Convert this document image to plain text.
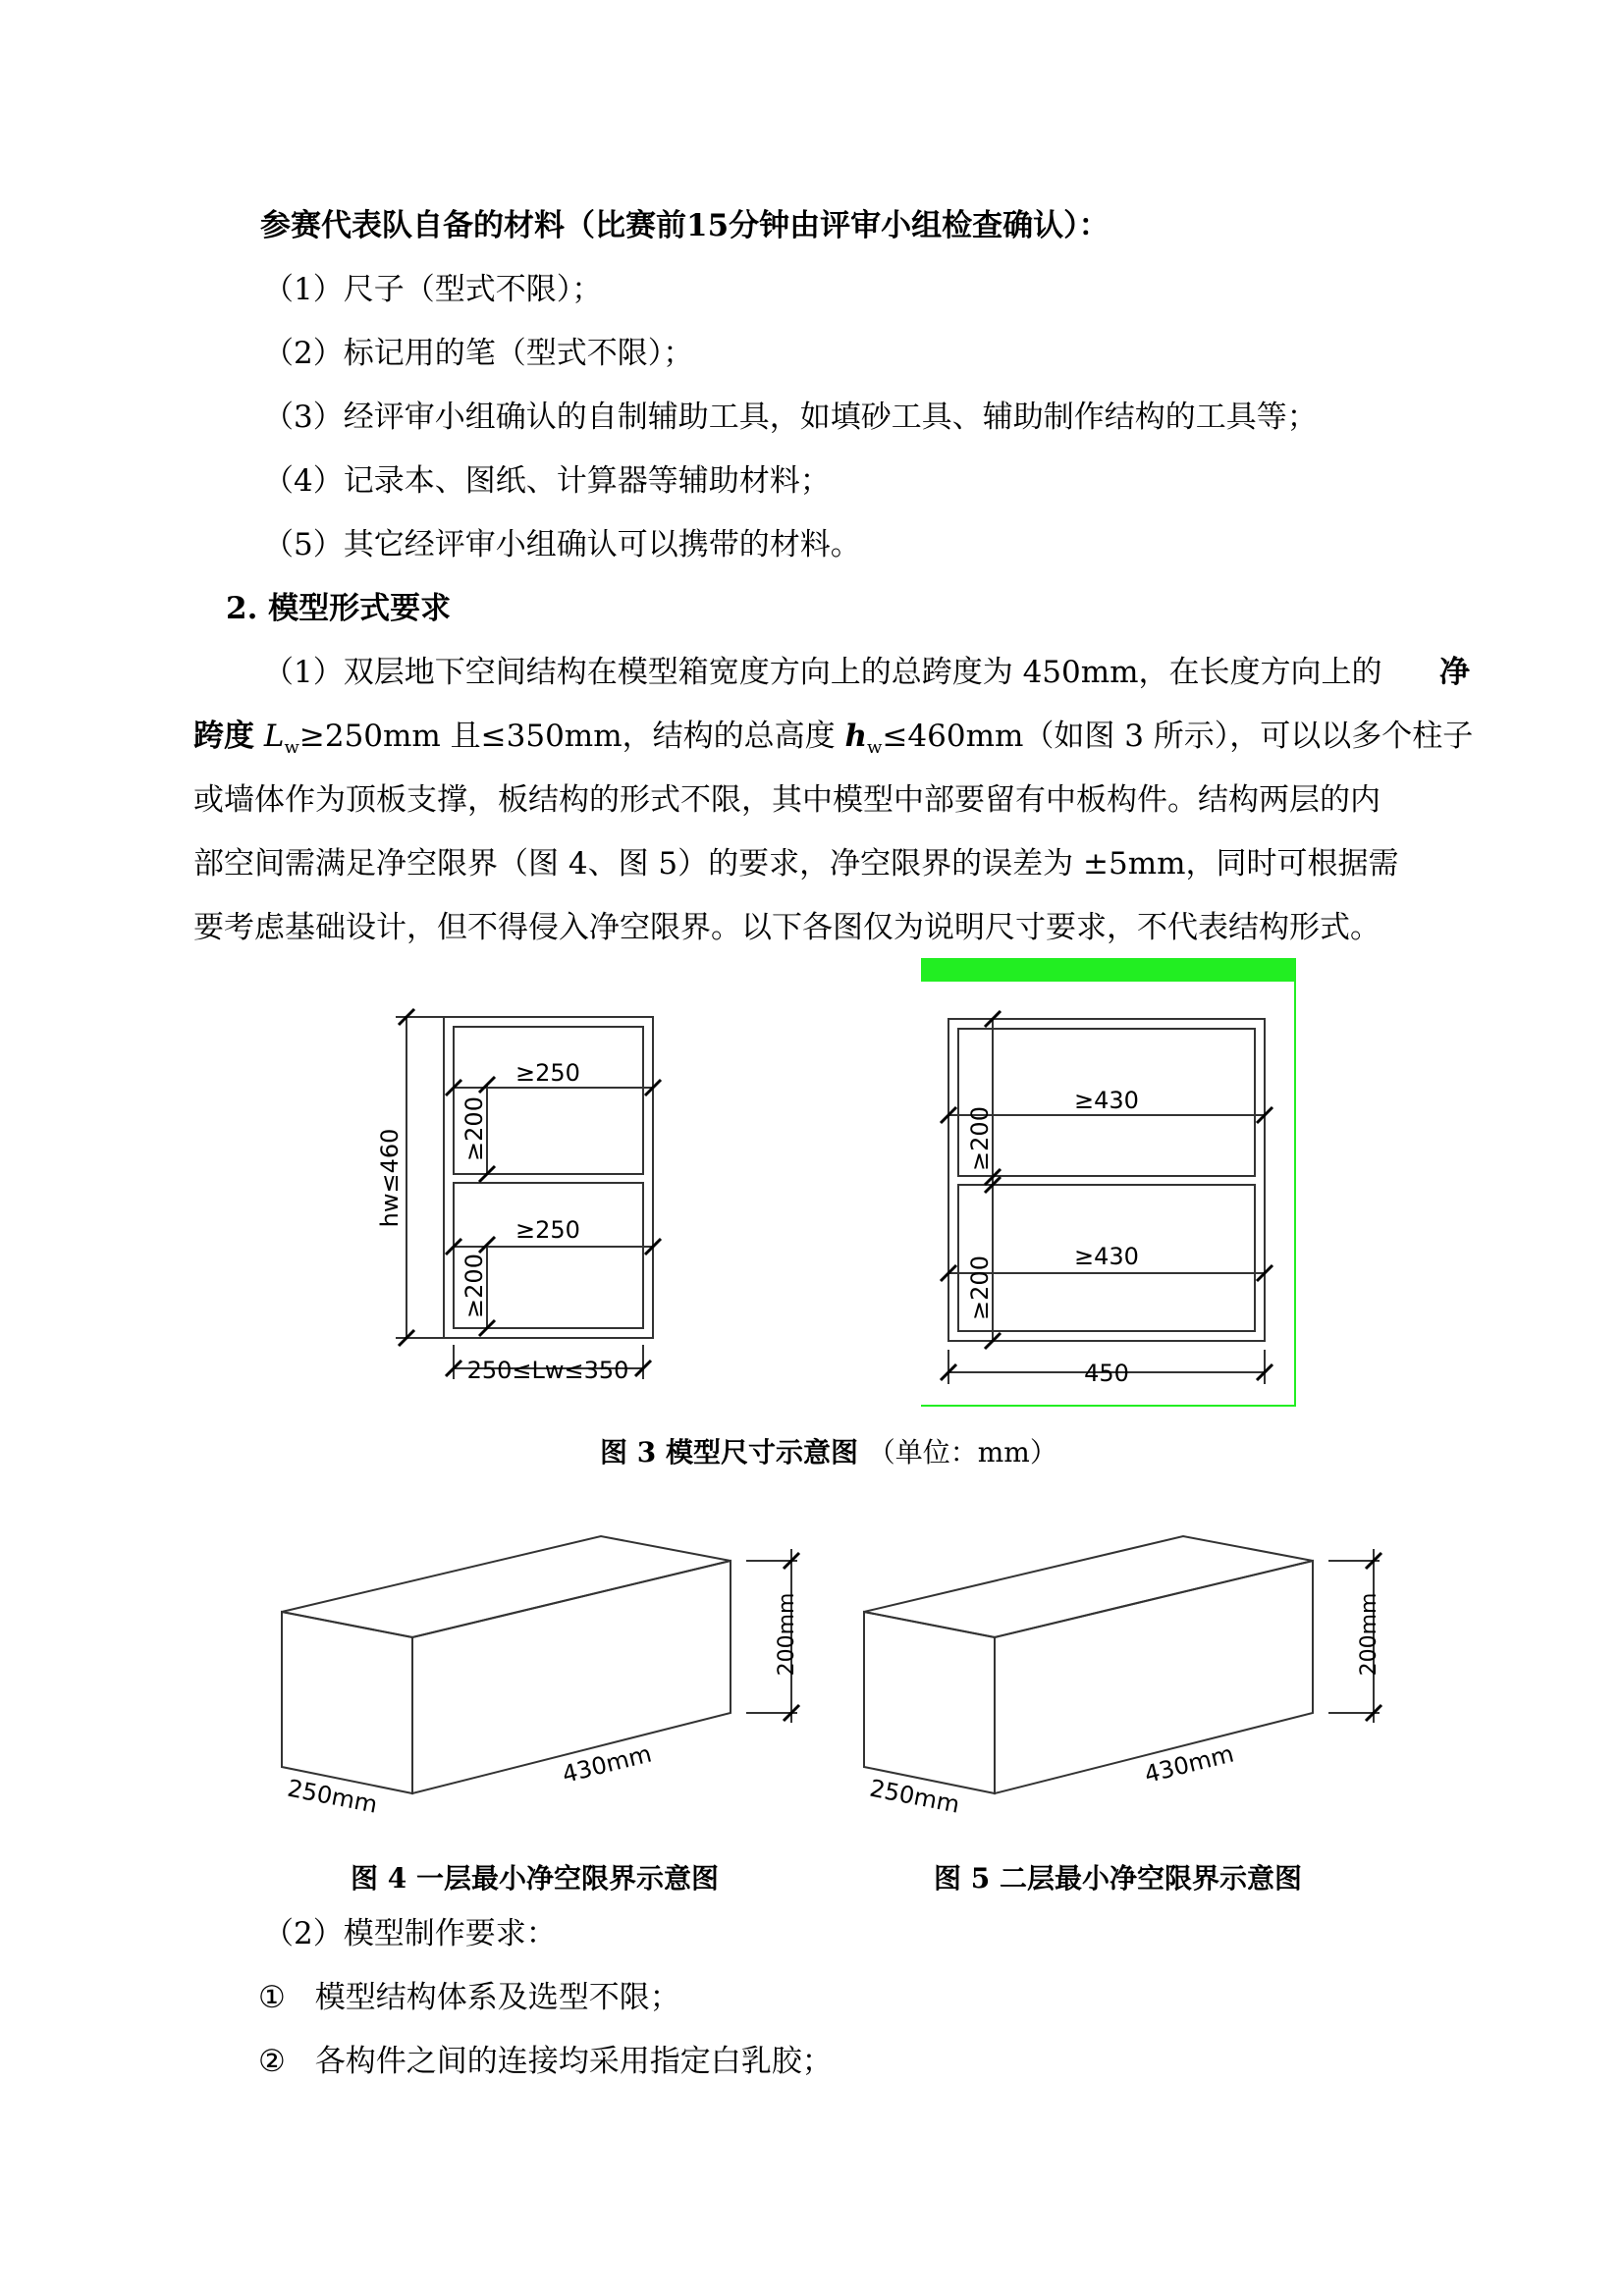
参赛代表队自备的材料（比赛前15分钟由评审小组检查确认）：
（1）尺子（型式不限）；
（2）标记用的笔（型式不限）；
（3）经评审小组确认的自制辅助工具，如填砂工具、辅助制作结构的工具等；
（4）记录本、图纸、计算器等辅助材料；
（5）其它经评审小组确认可以携带的材料。
2. 模型形式要求
（1）双层地下空间结构在模型箱宽度方向上的总跨度为 450mm，在长度方向上的 净
跨度 $L_w\ge 250mm$ 且≤350mm，结构的总高度 $h_w\le 460mm$（如图 3 所示），可以以多个柱子
或墙体作为顶板支撑，板结构的形式不限，其中模型中部要留有中板构件。结构两层的内
部空间需满足净空限界（图 4、图 5）的要求，净空限界的误差为 ±5mm，同时可根据需
要考虑基础设计，但不得侵入净空限界。以下各图仅为说明尺寸要求，不代表结构形式。
≥250
≥250
≥200
≥200
hw≤460
250≤Lw≤350
≥430
≥430
≥200
≥200
450
200mm
430mm
250mm
200mm
430mm
250mm
图 3 模型尺寸示意图 （单位：mm）
图 4 一层最小净空限界示意图	图 5 二层最小净空限界示意图
（2）模型制作要求：
① 模型结构体系及选型不限；
② 各构件之间的连接均采用指定白乳胶；
